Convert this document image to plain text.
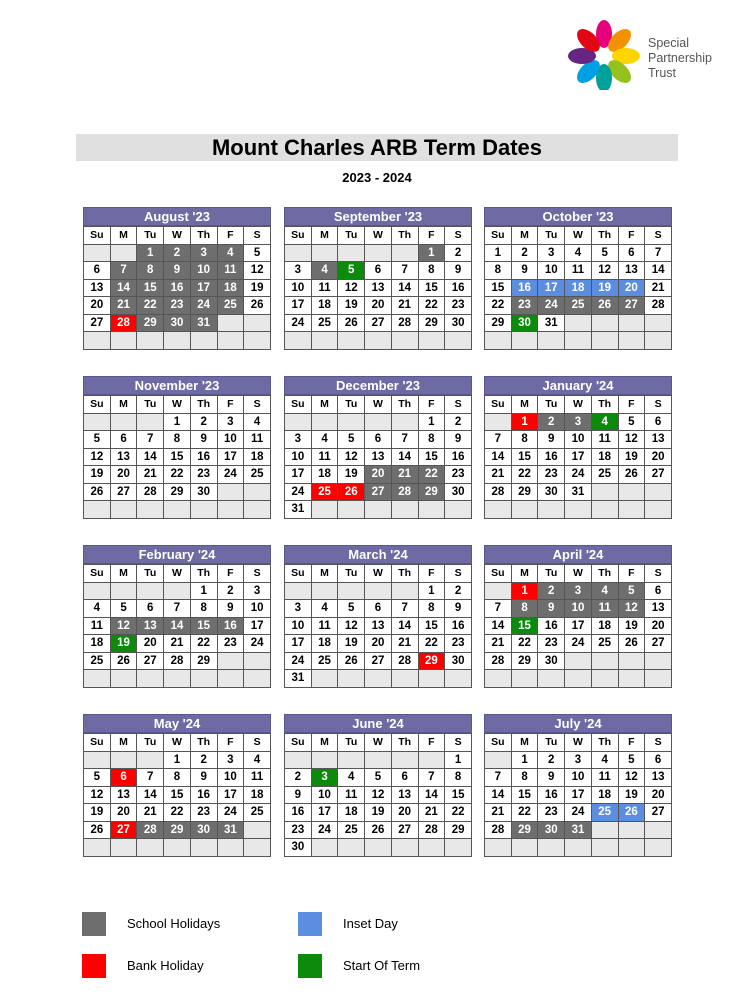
Special
Partnership
Trust
Mount Charles ARB Term Dates
2023 - 2024
August '23
Su	M	Tu	W	Th	F	S
		1	2	3	4	5
6	7	8	9	10	11	12
13	14	15	16	17	18	19
20	21	22	23	24	25	26
27	28	29	30	31		

September '23
Su	M	Tu	W	Th	F	S
					1	2
3	4	5	6	7	8	9
10	11	12	13	14	15	16
17	18	19	20	21	22	23
24	25	26	27	28	29	30

October '23
Su	M	Tu	W	Th	F	S
1	2	3	4	5	6	7
8	9	10	11	12	13	14
15	16	17	18	19	20	21
22	23	24	25	26	27	28
29	30	31				

November '23
Su	M	Tu	W	Th	F	S
			1	2	3	4
5	6	7	8	9	10	11
12	13	14	15	16	17	18
19	20	21	22	23	24	25
26	27	28	29	30		

December '23
Su	M	Tu	W	Th	F	S
					1	2
3	4	5	6	7	8	9
10	11	12	13	14	15	16
17	18	19	20	21	22	23
24	25	26	27	28	29	30
31						
January '24
Su	M	Tu	W	Th	F	S
	1	2	3	4	5	6
7	8	9	10	11	12	13
14	15	16	17	18	19	20
21	22	23	24	25	26	27
28	29	30	31			

February '24
Su	M	Tu	W	Th	F	S
				1	2	3
4	5	6	7	8	9	10
11	12	13	14	15	16	17
18	19	20	21	22	23	24
25	26	27	28	29		

March '24
Su	M	Tu	W	Th	F	S
					1	2
3	4	5	6	7	8	9
10	11	12	13	14	15	16
17	18	19	20	21	22	23
24	25	26	27	28	29	30
31						
April '24
Su	M	Tu	W	Th	F	S
	1	2	3	4	5	6
7	8	9	10	11	12	13
14	15	16	17	18	19	20
21	22	23	24	25	26	27
28	29	30				

May '24
Su	M	Tu	W	Th	F	S
			1	2	3	4
5	6	7	8	9	10	11
12	13	14	15	16	17	18
19	20	21	22	23	24	25
26	27	28	29	30	31	

June '24
Su	M	Tu	W	Th	F	S
						1
2	3	4	5	6	7	8
9	10	11	12	13	14	15
16	17	18	19	20	21	22
23	24	25	26	27	28	29
30						
July '24
Su	M	Tu	W	Th	F	S
	1	2	3	4	5	6
7	8	9	10	11	12	13
14	15	16	17	18	19	20
21	22	23	24	25	26	27
28	29	30	31			

School Holidays
Bank Holiday
Inset Day
Start Of Term
